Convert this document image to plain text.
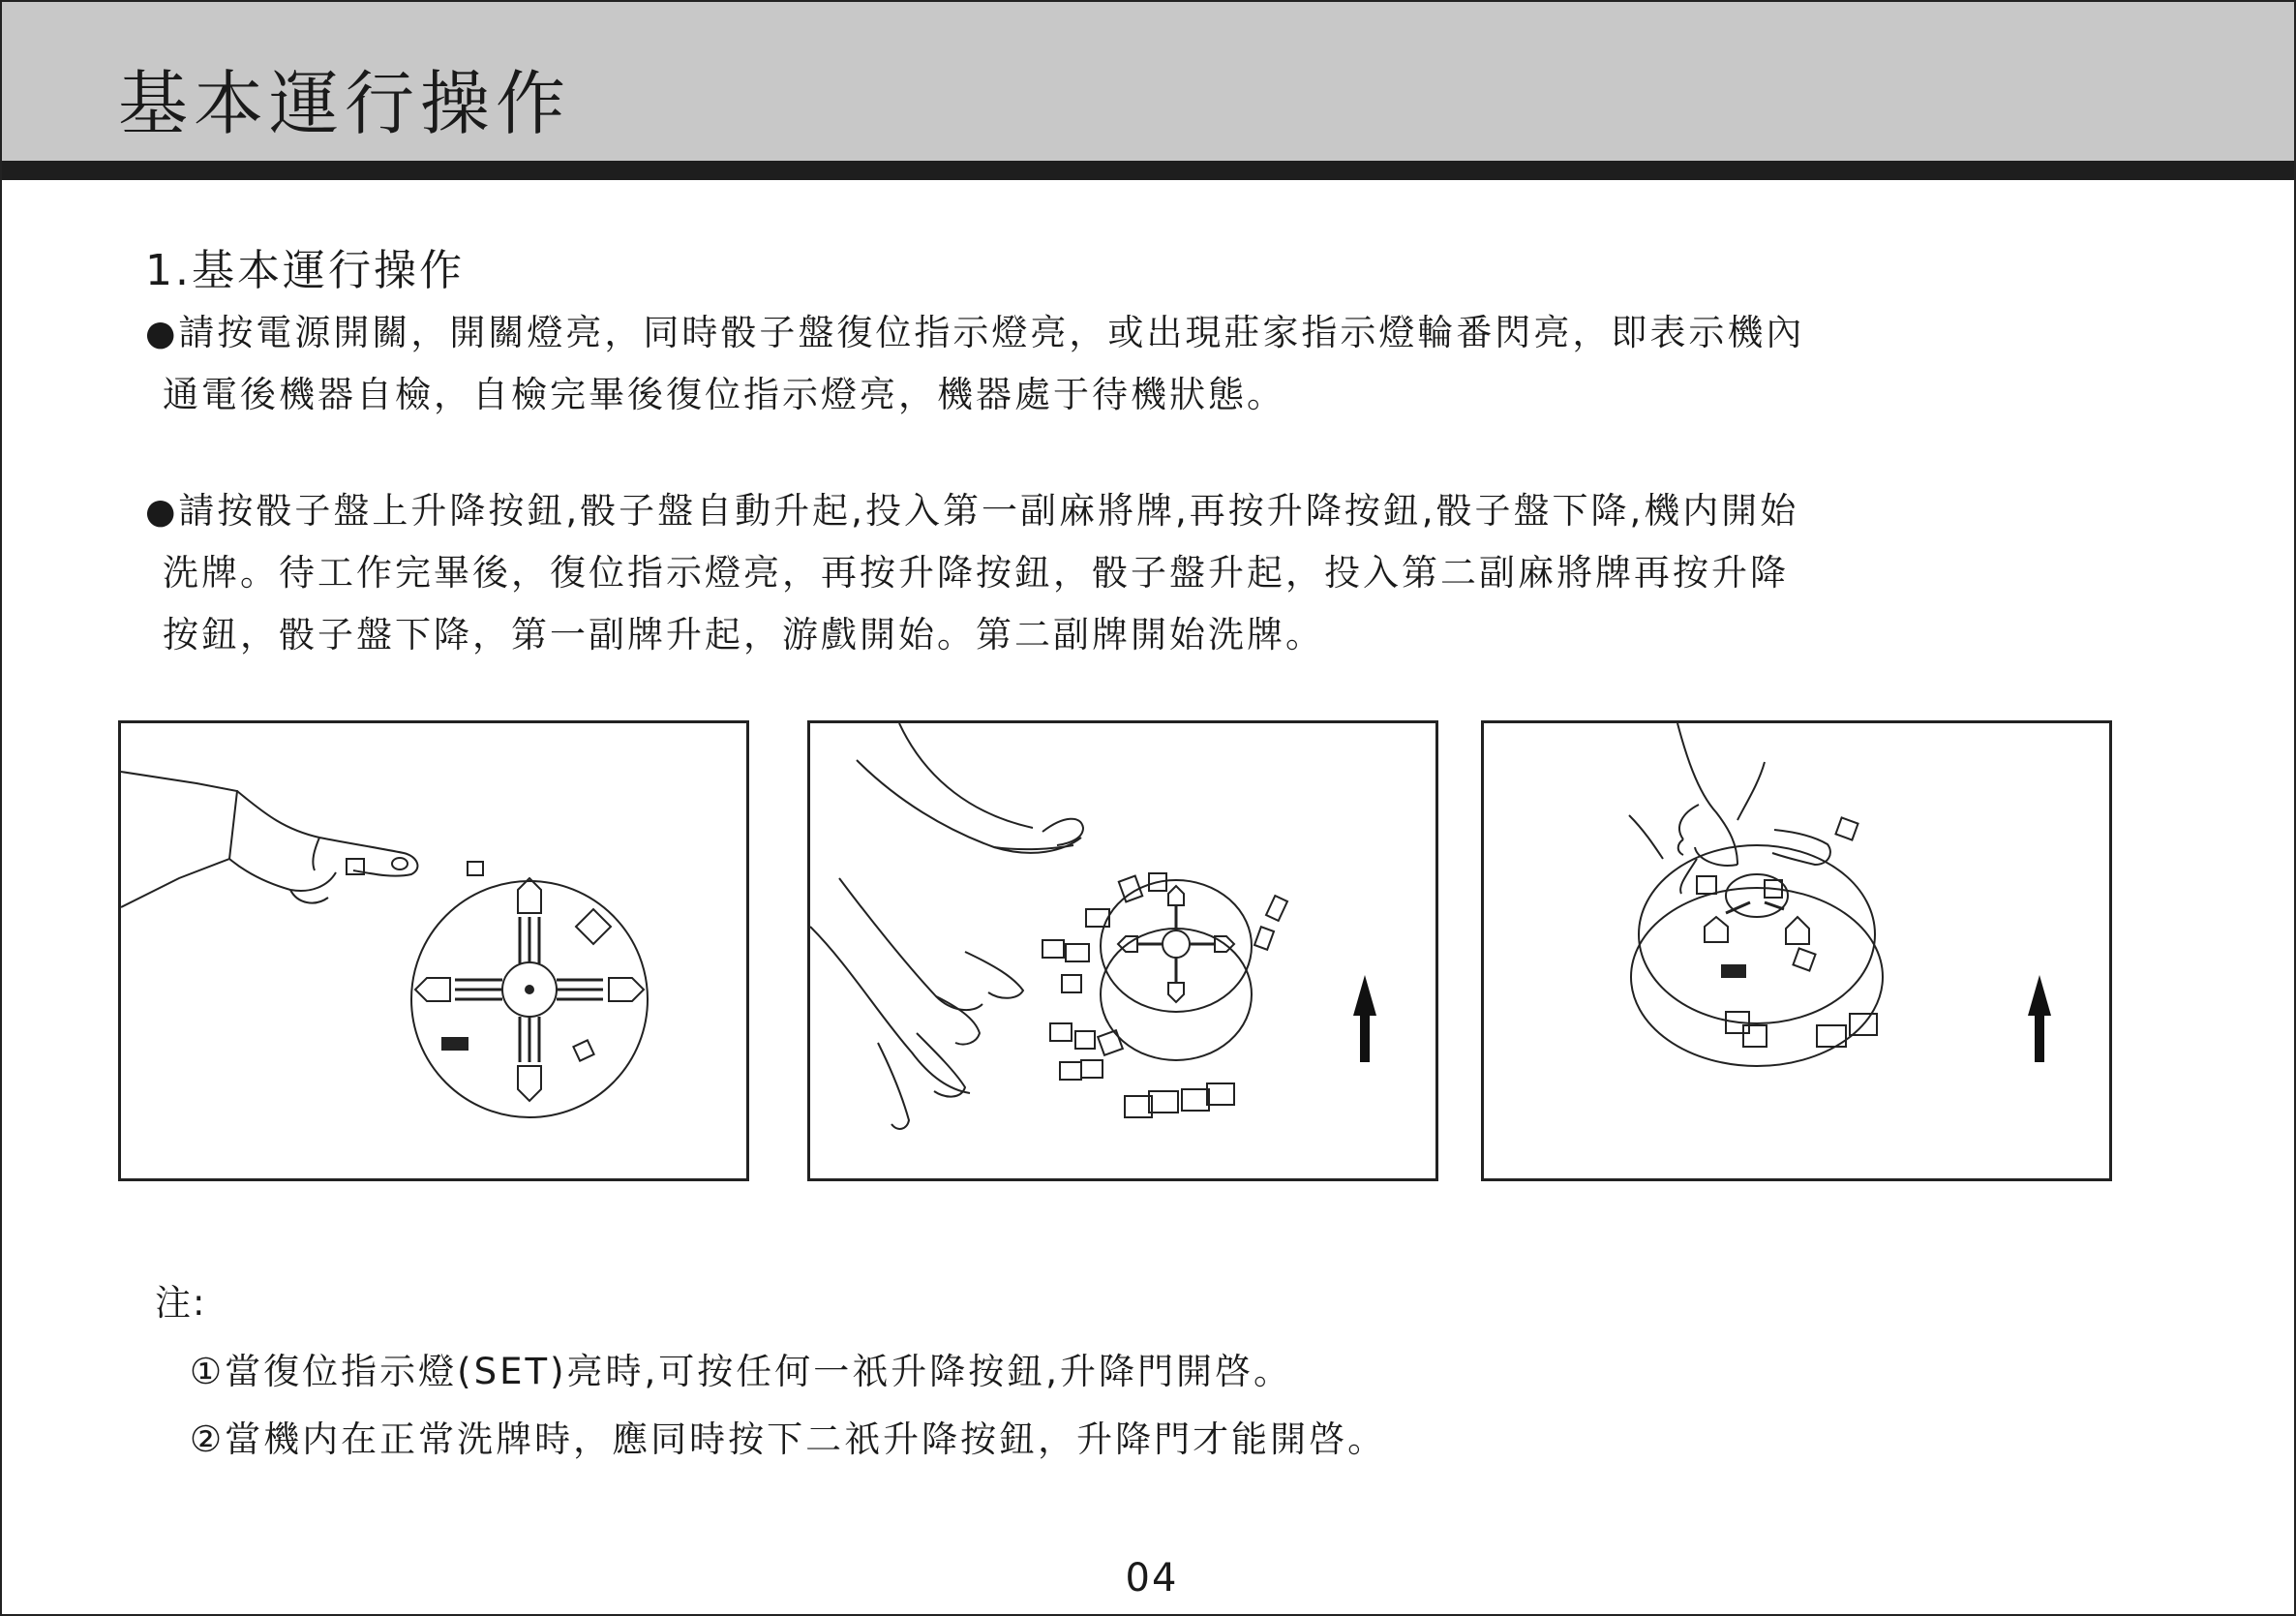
基本運行操作
1.基本運行操作
●請按電源開關，開關燈亮，同時骰子盤復位指示燈亮，或出現莊家指示燈輪番閃亮，即表示機內
通電後機器自檢，自檢完畢後復位指示燈亮，機器處于待機狀態。
●請按骰子盤上升降按鈕,骰子盤自動升起,投入第一副麻將牌,再按升降按鈕,骰子盤下降,機内開始
洗牌。待工作完畢後，復位指示燈亮，再按升降按鈕，骰子盤升起，投入第二副麻將牌再按升降
按鈕，骰子盤下降，第一副牌升起，游戲開始。第二副牌開始洗牌。
注:
①當復位指示燈(SET)亮時,可按任何一祇升降按鈕,升降門開啓。
②當機内在正常洗牌時，應同時按下二祇升降按鈕，升降門才能開啓。
04
